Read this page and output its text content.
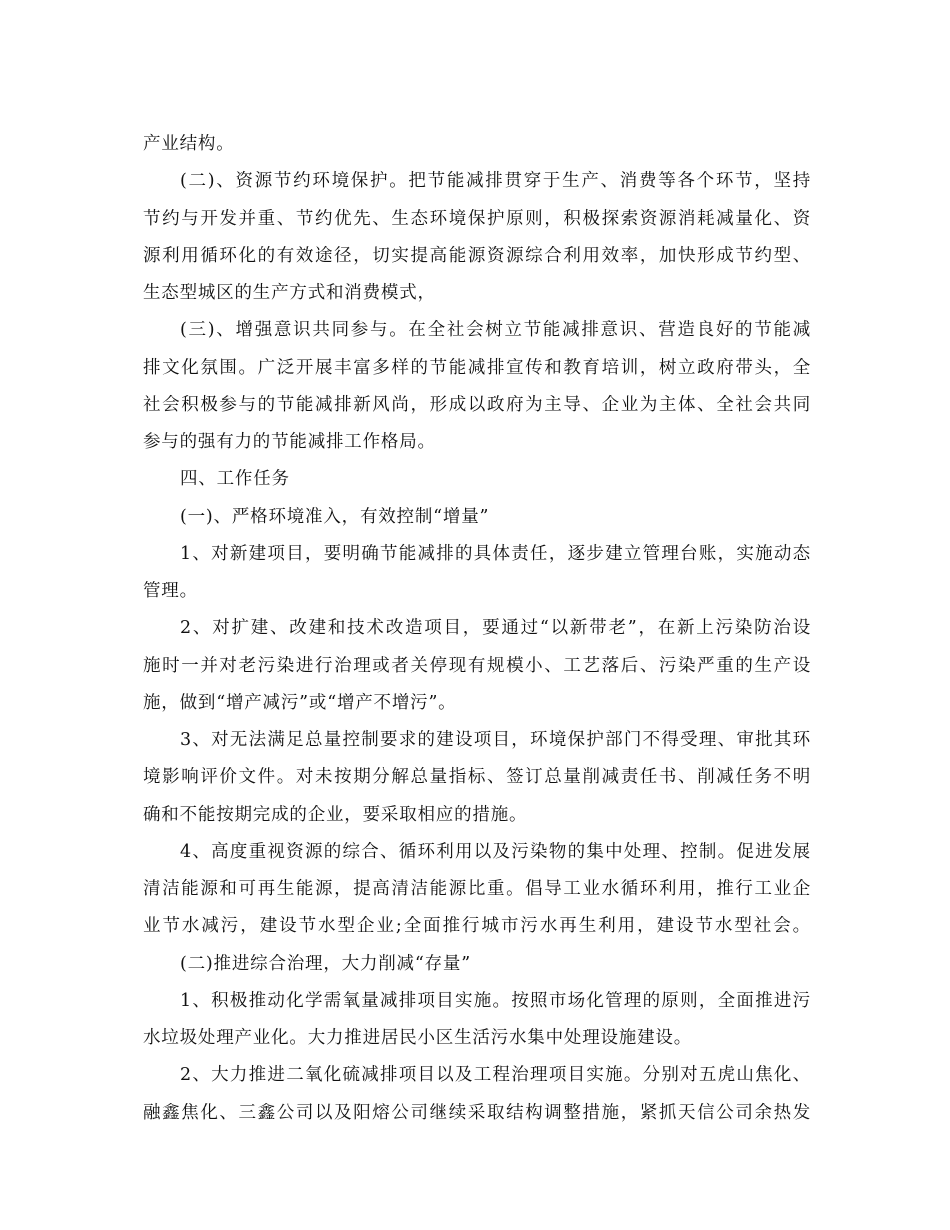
产业结构。
(二)、资源节约环境保护。把节能减排贯穿于生产、消费等各个环节，坚持
节约与开发并重、节约优先、生态环境保护原则，积极探索资源消耗减量化、资
源利用循环化的有效途径，切实提高能源资源综合利用效率，加快形成节约型、
生态型城区的生产方式和消费模式，
(三)、增强意识共同参与。在全社会树立节能减排意识、营造良好的节能减
排文化氛围。广泛开展丰富多样的节能减排宣传和教育培训，树立政府带头，全
社会积极参与的节能减排新风尚，形成以政府为主导、企业为主体、全社会共同
参与的强有力的节能减排工作格局。
四、工作任务
(一)、严格环境准入，有效控制“增量”
1、对新建项目，要明确节能减排的具体责任，逐步建立管理台账，实施动态
管理。
2、对扩建、改建和技术改造项目，要通过“以新带老”，在新上污染防治设
施时一并对老污染进行治理或者关停现有规模小、工艺落后、污染严重的生产设
施，做到“增产减污”或“增产不增污”。
3、对无法满足总量控制要求的建设项目，环境保护部门不得受理、审批其环
境影响评价文件。对未按期分解总量指标、签订总量削减责任书、削减任务不明
确和不能按期完成的企业，要采取相应的措施。
4、高度重视资源的综合、循环利用以及污染物的集中处理、控制。促进发展
清洁能源和可再生能源，提高清洁能源比重。倡导工业水循环利用，推行工业企
业节水减污，建设节水型企业;全面推行城市污水再生利用，建设节水型社会。
(二)推进综合治理，大力削减“存量”
1、积极推动化学需氧量减排项目实施。按照市场化管理的原则，全面推进污
水垃圾处理产业化。大力推进居民小区生活污水集中处理设施建设。
2、大力推进二氧化硫减排项目以及工程治理项目实施。分别对五虎山焦化、
融鑫焦化、三鑫公司以及阳熔公司继续采取结构调整措施，紧抓天信公司余热发
